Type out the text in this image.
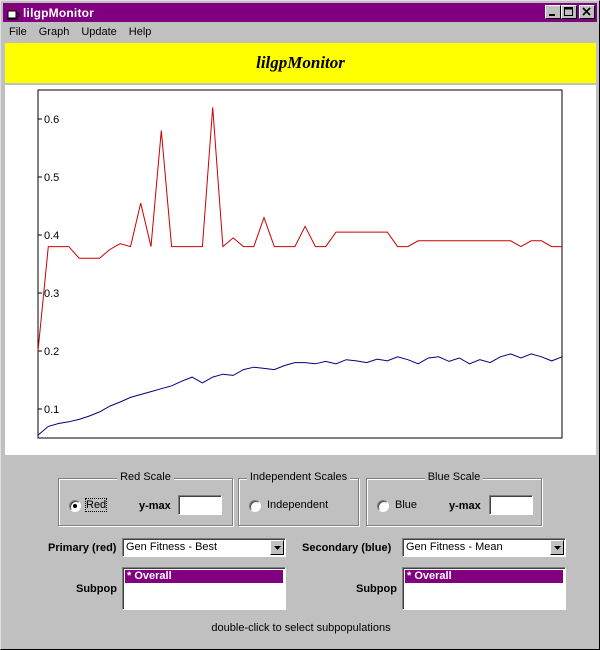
lilgpMonitor
File	Graph	Update	Help
lilgpMonitor
0.1
0.2
0.3
0.4
0.5
0.6
Red Scale
Red	y-max
Independent Scales
Independent
Blue Scale
Blue	y-max
Primary (red) Gen Fitness - Best	Secondary (blue) Gen Fitness - Mean
Subpop
* Overall
Subpop
* Overall
double-click to select subpopulations
